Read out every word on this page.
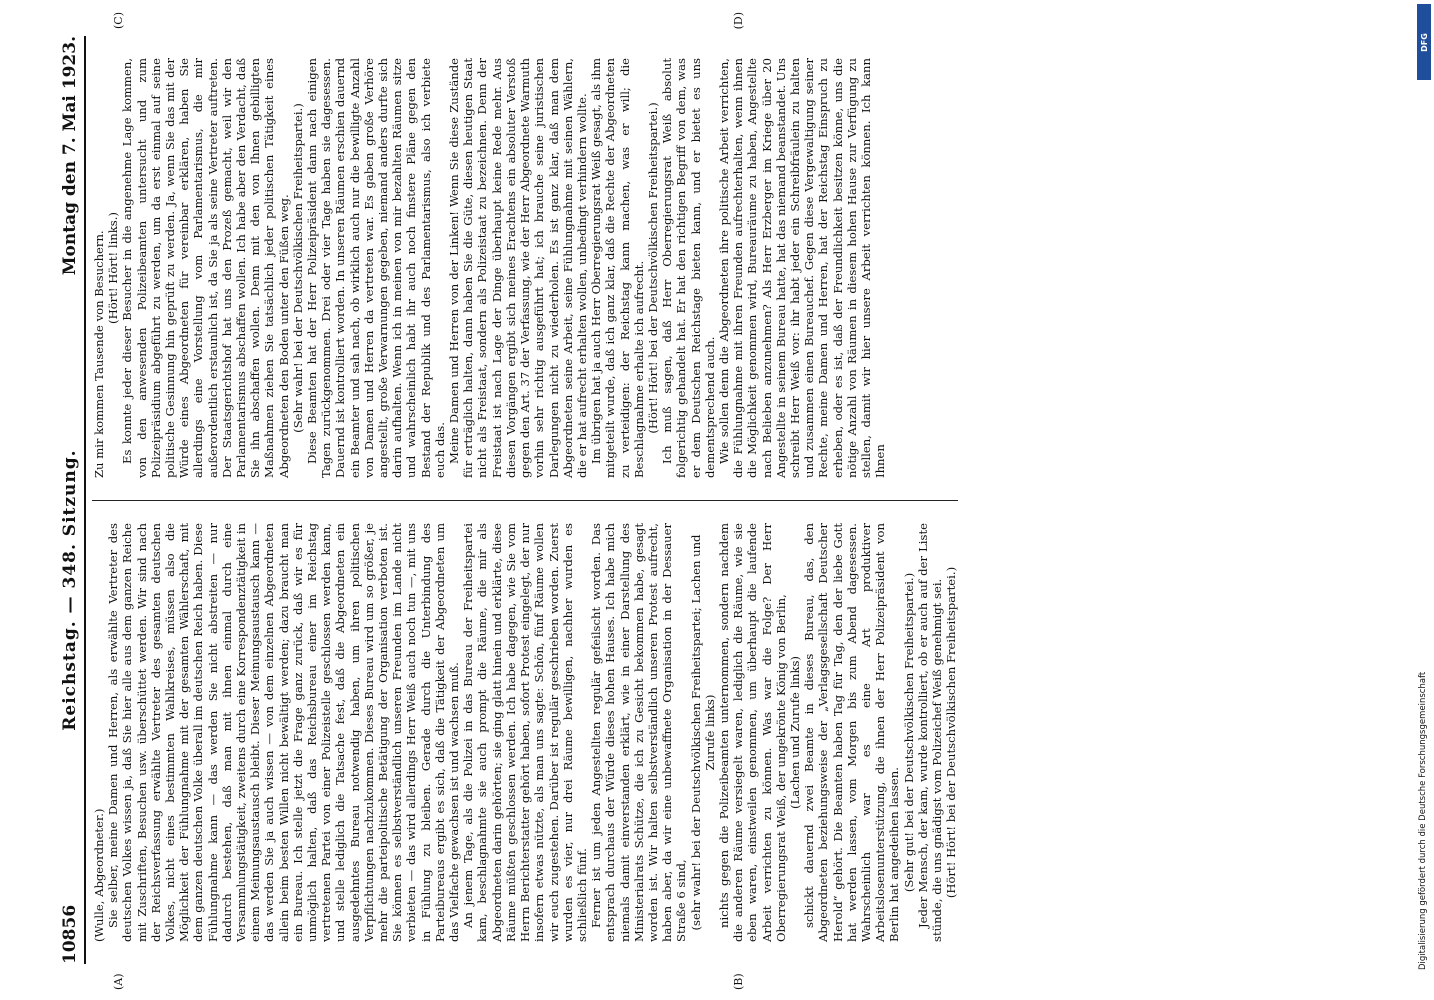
10856
Reichstag. — 348. Sitzung.
Montag den 7. Mai 1923.
(A)	(B)

(Wulle, Abgeordneter.) Sie selber, meine Damen und Herren, als erwählte Vertreter des deutschen Volkes wissen ja, daß Sie hier alle aus dem ganzen Reiche mit Zuschriften, Besuchen usw. überschüttet werden. Wir sind nach der Reichsverfassung erwählte Vertreter des gesamten deutschen Volkes, nicht eines bestimmten Wahlkreises, müssen also die Möglichkeit der Fühlungnahme mit der gesamten Wählerschaft, mit dem ganzen deutschen Volke überall im deutschen Reich haben. Diese Fühlungnahme kann — das werden Sie nicht abstreiten — nur dadurch bestehen, daß man mit ihnen einmal durch eine Versammlungstätigkeit, zweitens durch eine Korrespondenztätigkeit in einem Meinungsaustausch bleibt. Dieser Meinungsaustausch kann — das werden Sie ja auch wissen — von dem einzelnen Abgeordneten allein beim besten Willen nicht bewältigt werden; dazu braucht man ein Bureau. Ich stelle jetzt die Frage ganz zurück, daß wir es für unmöglich halten, daß das Reichsbureau einer im Reichstag vertretenen Partei von einer Polizeistelle geschlossen werden kann, und stelle lediglich die Tatsache fest, daß die Abgeordneten ein ausgedehntes Bureau notwendig haben, um ihren politischen Verpflichtungen nachzukommen. Dieses Bureau wird um so größer, je mehr die parteipolitische Betätigung der Organisation verboten ist. Sie können es selbstverständlich unseren Freunden im Lande nicht verbieten — das wird allerdings Herr Weiß auch noch tun —, mit uns in Fühlung zu bleiben. Gerade durch die Unterbindung des Parteibureaus ergibt es sich, daß die Tätigkeit der Abgeordneten um das Vielfache gewachsen ist und wachsen muß. An jenem Tage, als die Polizei in das Bureau der Freiheitspartei kam, beschlagnahmte sie auch prompt die Räume, die mir als Abgeordneten darin gehörten; sie ging glatt hinein und erklärte, diese Räume müßten geschlossen werden. Ich habe dagegen, wie Sie vom Herrn Berichterstatter gehört haben, sofort Protest eingelegt, der nur insofern etwas nützte, als man uns sagte: Schön, fünf Räume wollen wir euch zugestehen. Darüber ist regulär geschrieben worden. Zuerst wurden es vier, nur drei Räume bewilligen, nachher wurden es schließlich fünf. Ferner ist um jeden Angestellten regulär gefeilscht worden. Das entsprach durchaus der Würde dieses hohen Hauses. Ich habe mich niemals damit einverstanden erklärt, wie in einer Darstellung des Ministerialrats Schütze, die ich zu Gesicht bekommen habe, gesagt worden ist. Wir halten selbstverständlich unseren Protest aufrecht, haben aber, da wir eine unbewaffnete Organisation in der Dessauer Straße 6 sind, (sehr wahr! bei der Deutschvölkischen Freiheitspartei; Lachen und Zurufe links) nichts gegen die Polizeibeamten unternommen, sondern nachdem die anderen Räume versiegelt waren, lediglich die Räume, wie sie eben waren, einstweilen genommen, um überhaupt die laufende Arbeit verrichten zu können. Was war die Folge? Der Herr Oberregierungsrat Weiß, der ungekrönte König von Berlin, (Lachen und Zurufe links) schickt dauernd zwei Beamte in dieses Bureau, das, den Abgeordneten beziehungsweise der „Verlagsgesellschaft Deutscher Herold“ gehört. Die Beamten haben Tag für Tag, den der liebe Gott hat werden lassen, vom Morgen bis zum Abend dagesessen. Wahrscheinlich war es eine Art produktiver Arbeitslosenunterstützung, die ihnen der Herr Polizeipräsident von Berlin hat angedeihen lassen. (Sehr gut! bei der Deutschvölkischen Freiheitspartei.) Jeder Mensch, der kam, wurde kontrolliert, ob er auch auf der Liste stünde, die uns gnädigst vom Polizeichef Weiß genehmigt sei. (Hört! Hört! bei der Deutschvölkischen Freiheitspartei.)

(C)	(D)

Zu mir kommen Tausende von Besuchern. (Hört! Hört! links.) Es konnte jeder dieser Besucher in die angenehme Lage kommen, von den anwesenden Polizeibeamten untersucht und zum Polizeipräsidium abgeführt zu werden, um da erst einmal auf seine politische Gesinnung hin geprüft zu werden. Ja, wenn Sie das mit der Würde eines Abgeordneten für vereinbar erklären, haben Sie allerdings eine Vorstellung vom Parlamentarismus, die mir außerordentlich erstaunlich ist, da Sie ja als seine Vertreter auftreten. Der Staatsgerichtshof hat uns den Prozeß gemacht, weil wir den Parlamentarismus abschaffen wollen. Ich habe aber den Verdacht, daß Sie ihn abschaffen wollen. Denn mit den von Ihnen gebilligten Maßnahmen ziehen Sie tatsächlich jeder politischen Tätigkeit eines Abgeordneten den Boden unter den Füßen weg. (Sehr wahr! bei der Deutschvölkischen Freiheitspartei.) Diese Beamten hat der Herr Polizeipräsident dann nach einigen Tagen zurückgenommen. Drei oder vier Tage haben sie dagesessen. Dauernd ist kontrolliert worden. In unseren Räumen erschien dauernd ein Beamter und sah nach, ob wirklich auch nur die bewilligte Anzahl von Damen und Herren da vertreten war. Es gaben große Verhöre angestellt, große Verwarnungen gegeben, niemand anders durfte sich darin aufhalten. Wenn ich in meinen von mir bezahlten Räumen sitze und wahrscheinlich habt ihr auch noch finstere Pläne gegen den Bestand der Republik und des Parlamentarismus, also ich verbiete euch das. Meine Damen und Herren von der Linken! Wenn Sie diese Zustände für erträglich halten, dann haben Sie die Güte, diesen heutigen Staat nicht als Freistaat, sondern als Polizeistaat zu bezeichnen. Denn der Freistaat ist nach Lage der Dinge überhaupt keine Rede mehr. Aus diesen Vorgängen ergibt sich meines Erachtens ein absoluter Verstoß gegen den Art. 37 der Verfassung, wie der Herr Abgeordnete Warmuth vorhin sehr richtig ausgeführt hat; ich brauche seine juristischen Darlegungen nicht zu wiederholen. Es ist ganz klar, daß man dem Abgeordneten seine Arbeit, seine Fühlungnahme mit seinen Wählern, die er hat aufrecht erhalten wollen, unbedingt verhindern wollte. Im übrigen hat ja auch Herr Oberregierungsrat Weiß gesagt, als ihm mitgeteilt wurde, daß ich ganz klar, daß die Rechte der Abgeordneten zu verteidigen: der Reichstag kann machen, was er will; die Beschlagnahme erhalte ich aufrecht. (Hört! Hört! bei der Deutschvölkischen Freiheitspartei.) Ich muß sagen, daß Herr Oberregierungsrat Weiß absolut folgerichtig gehandelt hat. Er hat den richtigen Begriff von dem, was er dem Deutschen Reichstage bieten kann, und er bietet es uns dementsprechend auch. Wie sollen denn die Abgeordneten ihre politische Arbeit verrichten, die Fühlungnahme mit ihren Freunden aufrechterhalten, wenn ihnen die Möglichkeit genommen wird, Bureauräume zu haben, Angestellte nach Belieben anzunehmen? Als Herr Erzberger im Kriege über 20 Angestellte in seinem Bureau hatte, hat das niemand beanstandet. Uns schreibt Herr Weiß vor: ihr habt jeder ein Schreibfräulein zu halten und zusammen einen Bureauchef. Gegen diese Vergewaltigung seiner Rechte, meine Damen und Herren, hat der Reichstag Einspruch zu erheben, oder es ist, daß der Freundlichkeit besitzen könne, uns die nötige Anzahl von Räumen in diesem hohen Hause zur Verfügung zu stellen, damit wir hier unsere Arbeit verrichten können. Ich kann Ihnen

DFG
Digitalisierung gefördert durch die Deutsche Forschungsgemeinschaft
